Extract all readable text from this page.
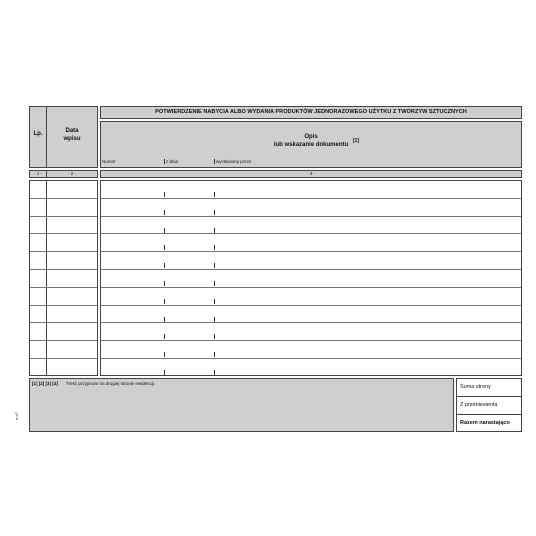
Lp.	Data
wpisu
POTWIERDZENIE NABYCIA ALBO WYDANIA PRODUKTÓW JEDNORAZOWEGO UŻYTKU Z TWORZYW SZTUCZNYCH
Opis
lub wskazanie dokumentu
[1]
Numer	z dnia	wystawiony przez
- 1 -	- 2 -	- 3 -
[1] [2] [3] [4] Treść przypisów na drugiej stronie ewidencji.
Suma strony
Z przeniesienia
Razem narastająco
e-s7
